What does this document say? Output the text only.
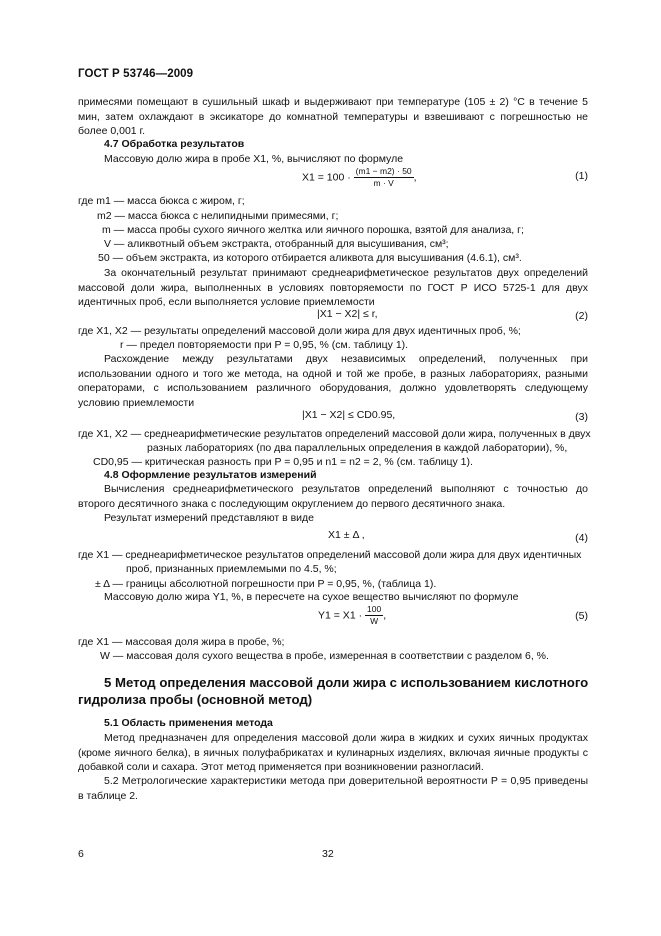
ГОСТ Р 53746—2009
примесями помещают в сушильный шкаф и выдерживают при температуре (105 ± 2) °С в течение 5 мин, затем охлаждают в эксикаторе до комнатной температуры и взвешивают с погрешностью не более 0,001 г.
4.7 Обработка результатов
Массовую долю жира в пробе X1, %, вычисляют по формуле
$X1 = 100 \cdot \frac{(m1 - m2) \cdot 50}{m \cdot V}$ ,	(1)
где m1 — масса бюкса с жиром, г;
m2 — масса бюкса с нелипидными примесями, г;
m — масса пробы сухого яичного желтка или яичного порошка, взятой для анализа, г;
V — аликвотный объем экстракта, отобранный для высушивания, см³;
50 — объем экстракта, из которого отбирается аликвота для высушивания (4.6.1), см³.
За окончательный результат принимают среднеарифметическое результатов двух определений массовой доли жира, выполненных в условиях повторяемости по ГОСТ Р ИСО 5725-1 для двух идентичных проб, если выполняется условие приемлемости
|X1 − X2| ≤ r,	(2)
где X1, X2 — результаты определений массовой доли жира для двух идентичных проб, %;
r — предел повторяемости при P = 0,95, % (см. таблицу 1).
Расхождение между результатами двух независимых определений, полученных при использовании одного и того же метода, на одной и той же пробе, в разных лабораториях, разными операторами, с использованием различного оборудования, должно удовлетворять следующему условию приемлемости
|X1 − X2| ≤ CD0.95,	(3)
где X1, X2 — среднеарифметические результатов определений массовой доли жира, полученных в двух
разных лабораториях (по два параллельных определения в каждой лаборатории), %,
CD0,95 — критическая разность при P = 0,95 и n1 = n2 = 2, % (см. таблицу 1).
4.8 Оформление результатов измерений
Вычисления среднеарифметического результатов определений выполняют с точностью до второго десятичного знака с последующим округлением до первого десятичного знака.
Результат измерений представляют в виде
X1 ± Δ ,	(4)
где X1 — среднеарифметическое результатов определений массовой доли жира для двух идентичных
проб, признанных приемлемыми по 4.5, %;
± Δ — границы абсолютной погрешности при P = 0,95, %, (таблица 1).
Массовую долю жира Y1, %, в пересчете на сухое вещество вычисляют по формуле
$Y1 = X1 \cdot \frac{100}{W}$ ,	(5)
где X1 — массовая доля жира в пробе, %;
W — массовая доля сухого вещества в пробе, измеренная в соответствии с разделом 6, %.
5 Метод определения массовой доли жира с использованием кислотного гидролиза пробы (основной метод)
5.1 Область применения метода
Метод предназначен для определения массовой доли жира в жидких и сухих яичных продуктах (кроме яичного белка), в яичных полуфабрикатах и кулинарных изделиях, включая яичные продукты с добавкой соли и сахара. Этот метод применяется при возникновении разногласий.
5.2 Метрологические характеристики метода при доверительной вероятности P = 0,95 приведены в таблице 2.
6	32
